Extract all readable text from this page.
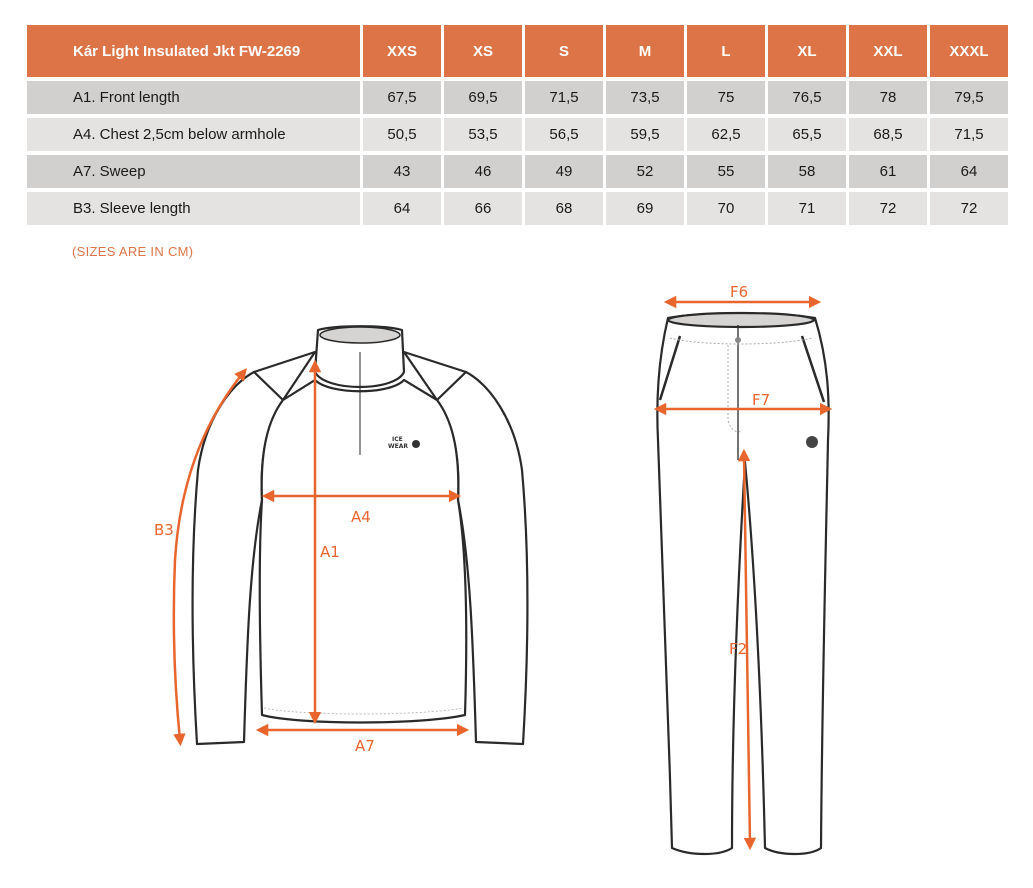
Kár Light Insulated Jkt FW-2269	XXS	XS	S	M	L	XL	XXL	XXXL
A1. Front length	67,5	69,5	71,5	73,5	75	76,5	78	79,5
A4. Chest 2,5cm below armhole	50,5	53,5	56,5	59,5	62,5	65,5	68,5	71,5
A7. Sweep	43	46	49	52	55	58	61	64
B3. Sleeve length	64	66	68	69	70	71	72	72
(SIZES ARE IN CM)
ICE
WEAR
A4
A1
A7
B3
F6
F7
F2
